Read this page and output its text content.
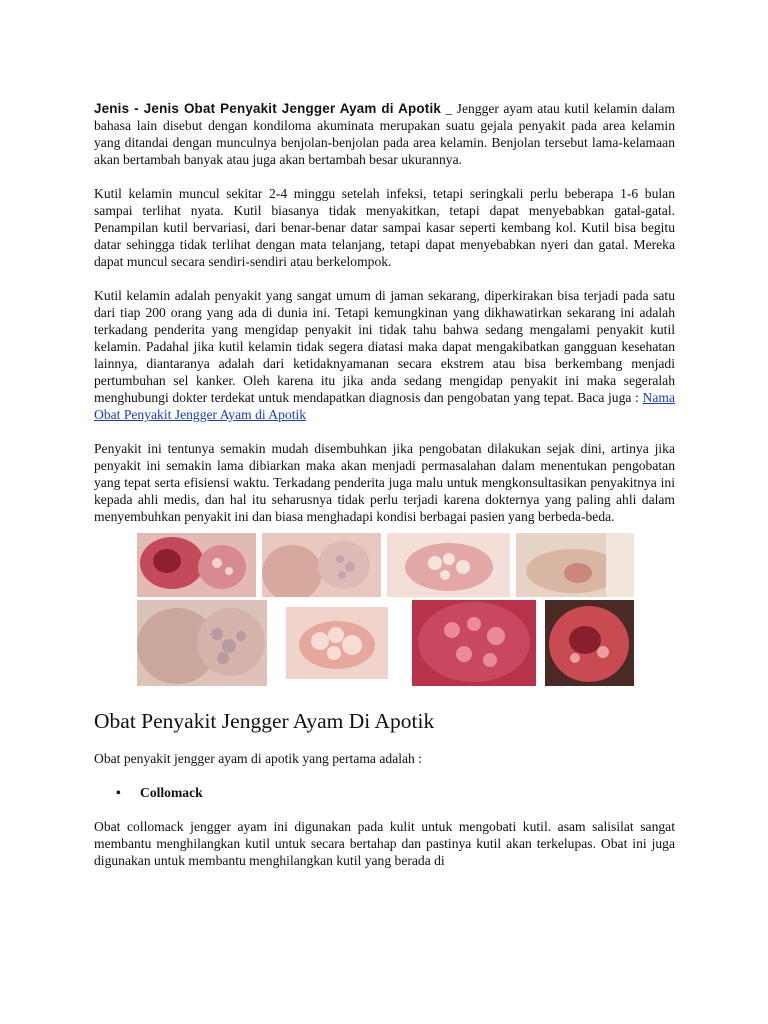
Jenis - Jenis Obat Penyakit Jengger Ayam di Apotik _ Jengger ayam atau kutil kelamin dalam bahasa lain disebut dengan kondiloma akuminata merupakan suatu gejala penyakit pada area kelamin yang ditandai dengan munculnya benjolan-benjolan pada area kelamin. Benjolan tersebut lama-kelamaan akan bertambah banyak atau juga akan bertambah besar ukurannya.

Kutil kelamin muncul sekitar 2-4 minggu setelah infeksi, tetapi seringkali perlu beberapa 1-6 bulan sampai terlihat nyata. Kutil biasanya tidak menyakitkan, tetapi dapat menyebabkan gatal-gatal. Penampilan kutil bervariasi, dari benar-benar datar sampai kasar seperti kembang kol. Kutil bisa begitu datar sehingga tidak terlihat dengan mata telanjang, tetapi dapat menyebabkan nyeri dan gatal. Mereka dapat muncul secara sendiri-sendiri atau berkelompok.

Kutil kelamin adalah penyakit yang sangat umum di jaman sekarang, diperkirakan bisa terjadi pada satu dari tiap 200 orang yang ada di dunia ini. Tetapi kemungkinan yang dikhawatirkan sekarang ini adalah terkadang penderita yang mengidap penyakit ini tidak tahu bahwa sedang mengalami penyakit kutil kelamin. Padahal jika kutil kelamin tidak segera diatasi maka dapat mengakibatkan gangguan kesehatan lainnya, diantaranya adalah dari ketidaknyamanan secara ekstrem atau bisa berkembang menjadi pertumbuhan sel kanker. Oleh karena itu jika anda sedang mengidap penyakit ini maka segeralah menghubungi dokter terdekat untuk mendapatkan diagnosis dan pengobatan yang tepat. Baca juga : Nama Obat Penyakit Jengger Ayam di Apotik

Penyakit ini tentunya semakin mudah disembuhkan jika pengobatan dilakukan sejak dini, artinya jika penyakit ini semakin lama dibiarkan maka akan menjadi permasalahan dalam menentukan pengobatan yang tepat serta efisiensi waktu. Terkadang penderita juga malu untuk mengkonsultasikan penyakitnya ini kepada ahli medis, dan hal itu seharusnya tidak perlu terjadi karena dokternya yang paling ahli dalam menyembuhkan penyakit ini dan biasa menghadapi kondisi berbagai pasien yang berbeda-beda.

Obat Penyakit Jengger Ayam Di Apotik

Obat penyakit jengger ayam di apotik yang pertama adalah :

• Collomack

Obat collomack jengger ayam ini digunakan pada kulit untuk mengobati kutil. asam salisilat sangat membantu menghilangkan kutil untuk secara bertahap dan pastinya kutil akan terkelupas. Obat ini juga digunakan untuk membantu menghilangkan kutil yang berada di
